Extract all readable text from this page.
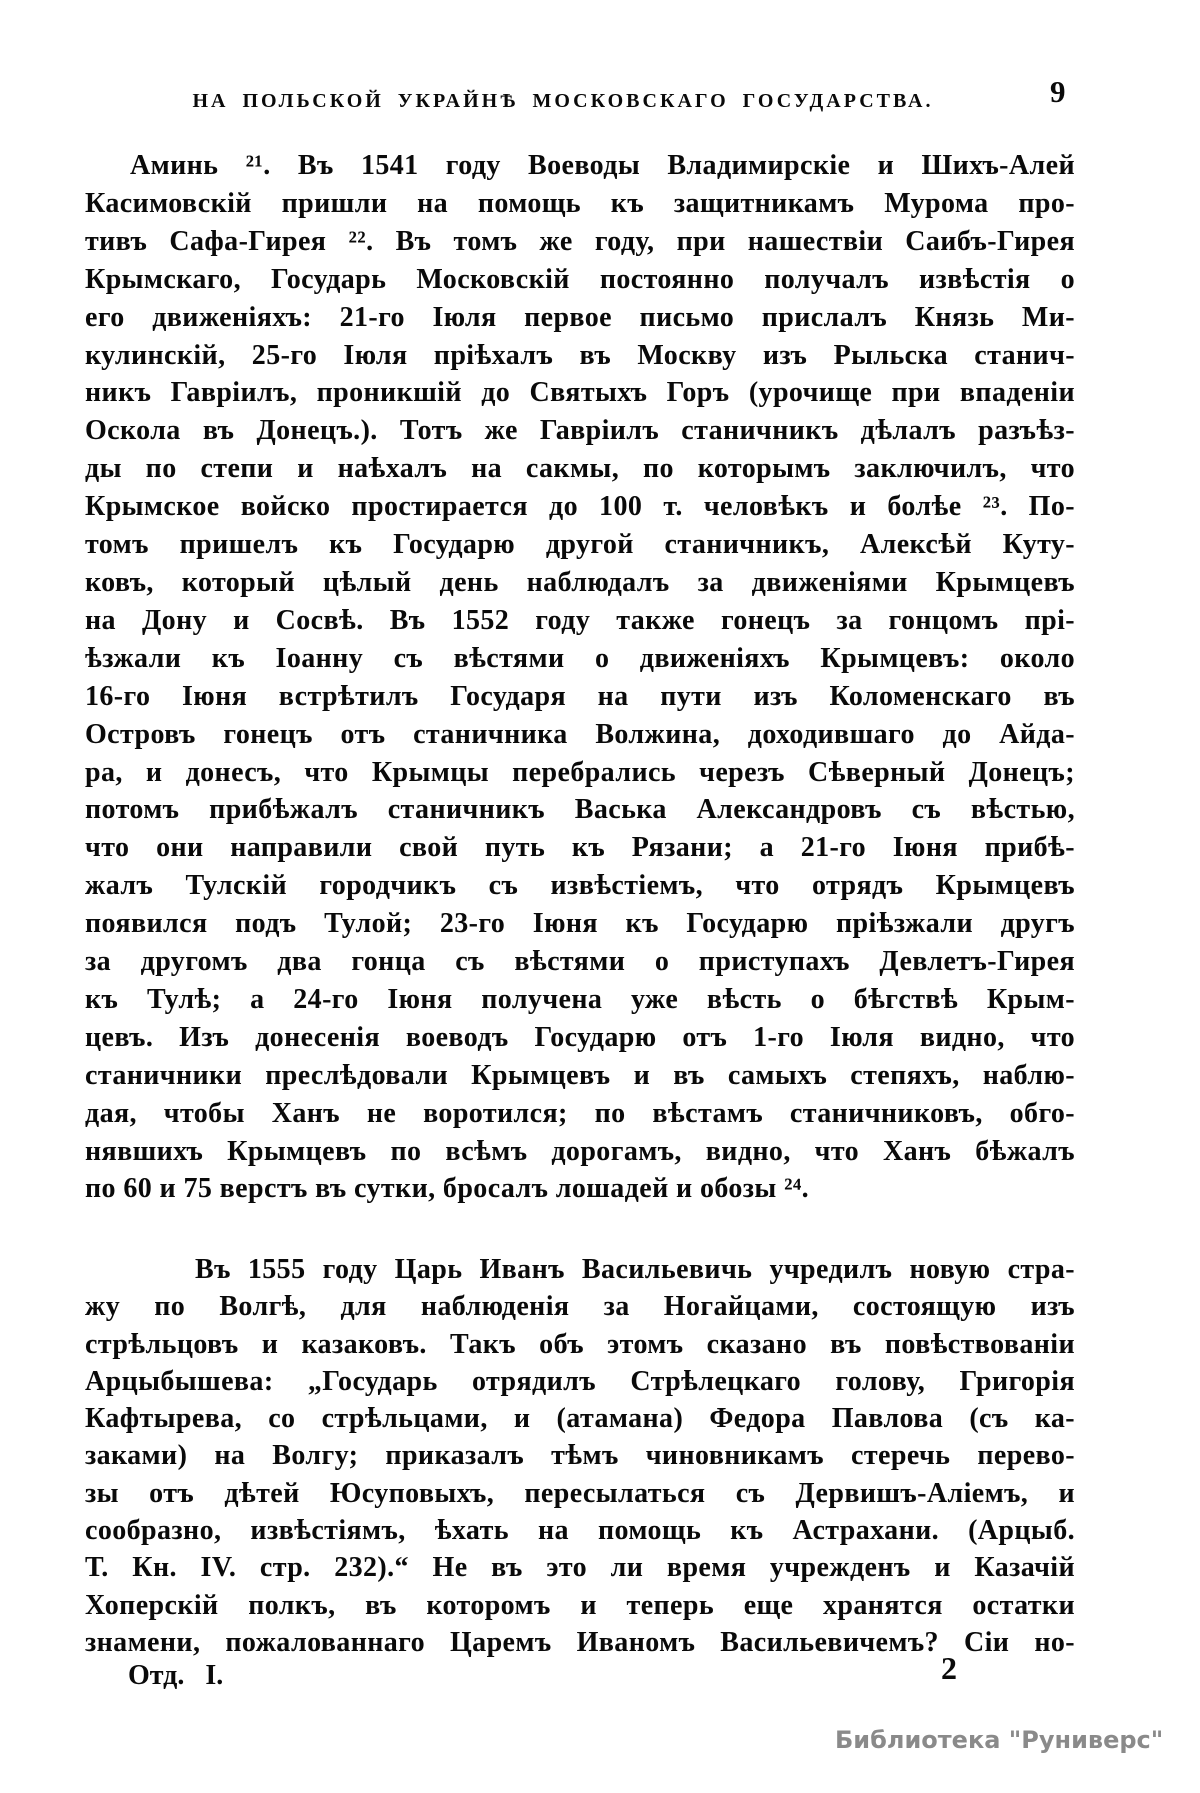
НА ПОЛЬСКОЙ УКРАЙНѢ МОСКОВСКАГО ГОСУДАРСТВА.	9
Аминь ²¹. Въ 1541 году Воеводы Владимирскіе и Шихъ-Алей
Касимовскій пришли на помощь къ защитникамъ Мурома про-
тивъ Сафа-Гирея ²². Въ томъ же году, при нашествіи Саибъ-Гирея
Крымскаго, Государь Московскій постоянно получалъ извѣстія о
его движеніяхъ: 21-го Іюля первое письмо прислалъ Князь Ми-
кулинскій, 25-го Іюля пріѣхалъ въ Москву изъ Рыльска станич-
никъ Гавріилъ, проникшій до Святыхъ Горъ (урочище при впаденіи
Оскола въ Донецъ.). Тотъ же Гавріилъ станичникъ дѣлалъ разъѣз-
ды по степи и наѣхалъ на сакмы, по которымъ заключилъ, что
Крымское войско простирается до 100 т. человѣкъ и болѣе ²³. По-
томъ пришелъ къ Государю другой станичникъ, Алексѣй Куту-
ковъ, который цѣлый день наблюдалъ за движеніями Крымцевъ
на Дону и Сосвѣ. Въ 1552 году также гонецъ за гонцомъ прі-
ѣзжали къ Іоанну съ вѣстями о движеніяхъ Крымцевъ: около
16-го Іюня встрѣтилъ Государя на пути изъ Коломенскаго въ
Островъ гонецъ отъ станичника Волжина, доходившаго до Айда-
ра, и донесъ, что Крымцы перебрались черезъ Сѣверный Донецъ;
потомъ прибѣжалъ станичникъ Васька Александровъ съ вѣстью,
что они направили свой путь къ Рязани; а 21-го Іюня прибѣ-
жалъ Тулскій городчикъ съ извѣстіемъ, что отрядъ Крымцевъ
появился подъ Тулой; 23-го Іюня къ Государю пріѣзжали другъ
за другомъ два гонца съ вѣстями о приступахъ Девлетъ-Гирея
къ Тулѣ; а 24-го Іюня получена уже вѣсть о бѣгствѣ Крым-
цевъ. Изъ донесенія воеводъ Государю отъ 1-го Іюля видно, что
станичники преслѣдовали Крымцевъ и въ самыхъ степяхъ, наблю-
дая, чтобы Ханъ не воротился; по вѣстамъ станичниковъ, обго-
нявшихъ Крымцевъ по всѣмъ дорогамъ, видно, что Ханъ бѣжалъ
по 60 и 75 верстъ въ сутки, бросалъ лошадей и обозы ²⁴.
Въ 1555 году Царь Иванъ Васильевичь учредилъ новую стра-
жу по Волгѣ, для наблюденія за Ногайцами, состоящую изъ
стрѣльцовъ и казаковъ. Такъ объ этомъ сказано въ повѣствованіи
Арцыбышева: „Государь отрядилъ Стрѣлецкаго голову, Григорія
Кафтырева, со стрѣльцами, и (атамана) Федора Павлова (съ ка-
заками) на Волгу; приказалъ тѣмъ чиновникамъ стеречь перево-
зы отъ дѣтей Юсуповыхъ, пересылаться съ Дервишъ-Аліемъ, и
сообразно, извѣстіямъ, ѣхать на помощь къ Астрахани. (Арцыб.
Т. Кн. IV. стр. 232).“ Не въ это ли время учрежденъ и Казачій
Хоперскій полкъ, въ которомъ и теперь еще хранятся остатки
знамени, пожалованнаго Царемъ Иваномъ Васильевичемъ? Сіи но-
Отд. I.	2
Библиотека "Руниверс"
